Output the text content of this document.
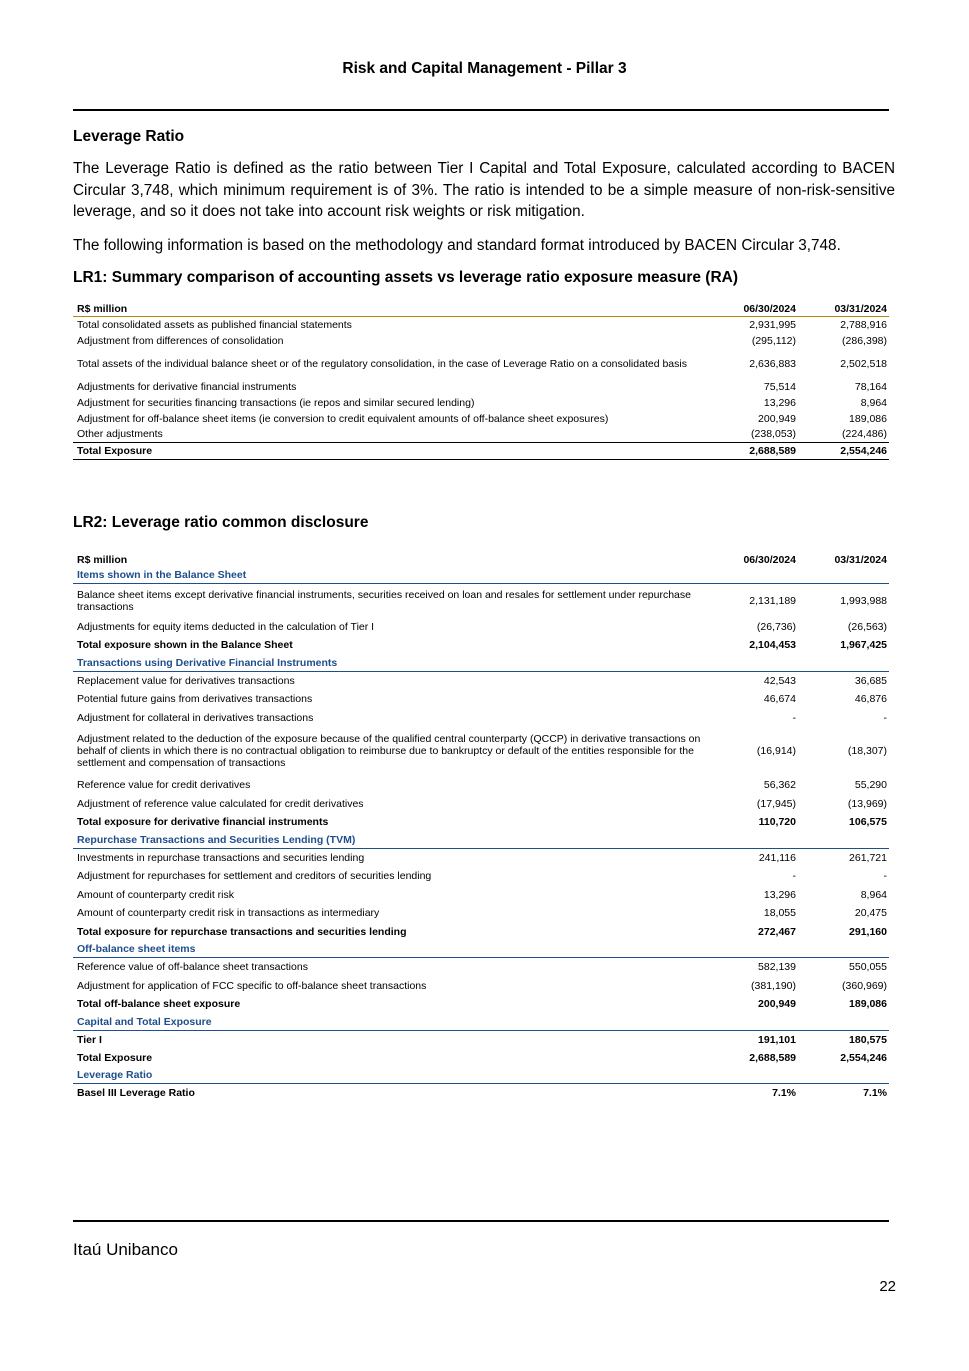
Risk and Capital Management - Pillar 3

Leverage Ratio

The Leverage Ratio is defined as the ratio between Tier I Capital and Total Exposure, calculated according to BACEN Circular 3,748, which minimum requirement is of 3%. The ratio is intended to be a simple measure of non-risk-sensitive leverage, and so it does not take into account risk weights or risk mitigation.

The following information is based on the methodology and standard format introduced by BACEN Circular 3,748.

LR1: Summary comparison of accounting assets vs leverage ratio exposure measure (RA)

R$ million	06/30/2024	03/31/2024
Total consolidated assets as published financial statements	2,931,995	2,788,916
Adjustment from differences of consolidation	(295,112)	(286,398)
Total assets of the individual balance sheet or of the regulatory consolidation, in the case of Leverage Ratio on a consolidated basis	2,636,883	2,502,518
Adjustments for derivative financial instruments	75,514	78,164
Adjustment for securities financing transactions (ie repos and similar secured lending)	13,296	8,964
Adjustment for off-balance sheet items (ie conversion to credit equivalent amounts of off-balance sheet exposures)	200,949	189,086
Other adjustments	(238,053)	(224,486)
Total Exposure	2,688,589	2,554,246

LR2: Leverage ratio common disclosure

R$ million	06/30/2024	03/31/2024
Items shown in the Balance Sheet		
Balance sheet items except derivative financial instruments, securities received on loan and resales for settlement under repurchase transactions	2,131,189	1,993,988
Adjustments for equity items deducted in the calculation of Tier I	(26,736)	(26,563)
Total exposure shown in the Balance Sheet	2,104,453	1,967,425
Transactions using Derivative Financial Instruments		
Replacement value for derivatives transactions	42,543	36,685
Potential future gains from derivatives transactions	46,674	46,876
Adjustment for collateral in derivatives transactions	-	-
Adjustment related to the deduction of the exposure because of the qualified central counterparty (QCCP) in derivative transactions on behalf of clients in which there is no contractual obligation to reimburse due to bankruptcy or default of the entities responsible for the settlement and compensation of transactions	(16,914)	(18,307)
Reference value for credit derivatives	56,362	55,290
Adjustment of reference value calculated for credit derivatives	(17,945)	(13,969)
Total exposure for derivative financial instruments	110,720	106,575
Repurchase Transactions and Securities Lending (TVM)		
Investments in repurchase transactions and securities lending	241,116	261,721
Adjustment for repurchases for settlement and creditors of securities lending	-	-
Amount of counterparty credit risk	13,296	8,964
Amount of counterparty credit risk in transactions as intermediary	18,055	20,475
Total exposure for repurchase transactions and securities lending	272,467	291,160
Off-balance sheet items		
Reference value of off-balance sheet transactions	582,139	550,055
Adjustment for application of FCC specific to off-balance sheet transactions	(381,190)	(360,969)
Total off-balance sheet exposure	200,949	189,086
Capital and Total Exposure		
Tier I	191,101	180,575
Total Exposure	2,688,589	2,554,246
Leverage Ratio		
Basel III Leverage Ratio	7.1%	7.1%
Itaú Unibanco
22
